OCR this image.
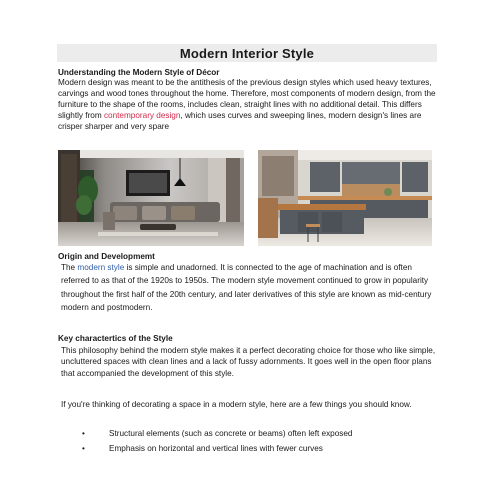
Modern Interior Style
Understanding the Modern Style of Décor

Modern design was meant to be the antithesis of the previous design styles which used heavy textures, carvings and wood tones throughout the home. Therefore, most components of modern design, from the furniture to the shape of the rooms, includes clean, straight lines with no additional detail. This differs slightly from contemporary design, which uses curves and sweeping lines, modern design's lines are crisper sharper and very spare

Origin and Developmemt

The modern style is simple and unadorned. It is connected to the age of machination and is often referred to as that of the 1920s to 1950s. The modern style movement continued to grow in popularity throughout the first half of the 20th century, and later derivatives of this style are known as mid-century modern and postmodern.

Key charactertics of the Style

This philosophy behind the modern style makes it a perfect decorating choice for those who like simple, uncluttered spaces with clean lines and a lack of fussy adornments. It goes well in the open floor plans that accompanied the development of this style.

If you're thinking of decorating a space in a modern style, here are a few things you should know.

•	Structural elements (such as concrete or beams) often left exposed
•	Emphasis on horizontal and vertical lines with fewer curves
